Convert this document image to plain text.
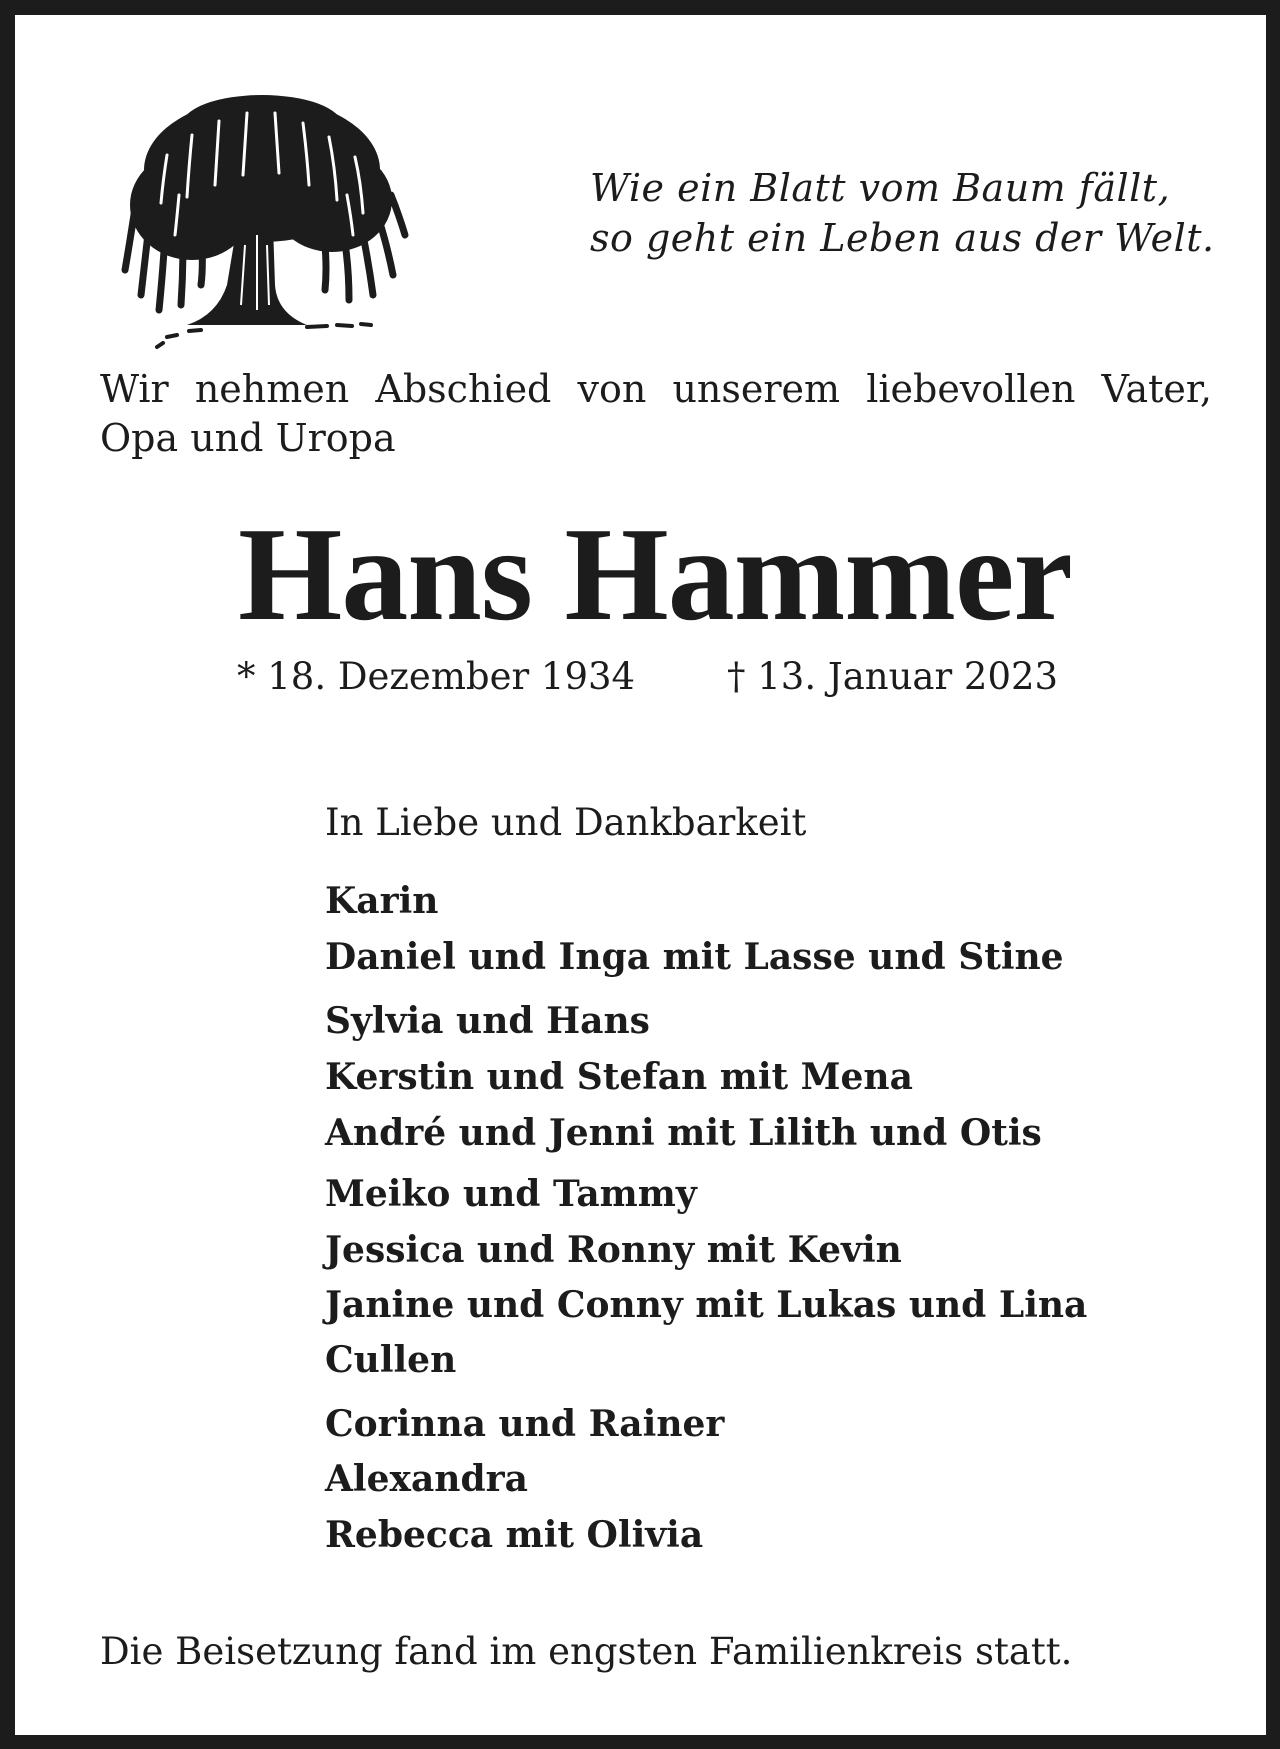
Wie ein Blatt vom Baum fällt,
so geht ein Leben aus der Welt.
Wir nehmen Abschied von unserem liebevollen Vater,
Opa und Uropa
Hans Hammer
* 18. Dezember 1934 † 13. Januar 2023
In Liebe und Dankbarkeit
Karin
Daniel und Inga mit Lasse und Stine
Sylvia und Hans
Kerstin und Stefan mit Mena
André und Jenni mit Lilith und Otis
Meiko und Tammy
Jessica und Ronny mit Kevin
Janine und Conny mit Lukas und Lina
Cullen
Corinna und Rainer
Alexandra
Rebecca mit Olivia
Die Beisetzung fand im engsten Familienkreis statt.
